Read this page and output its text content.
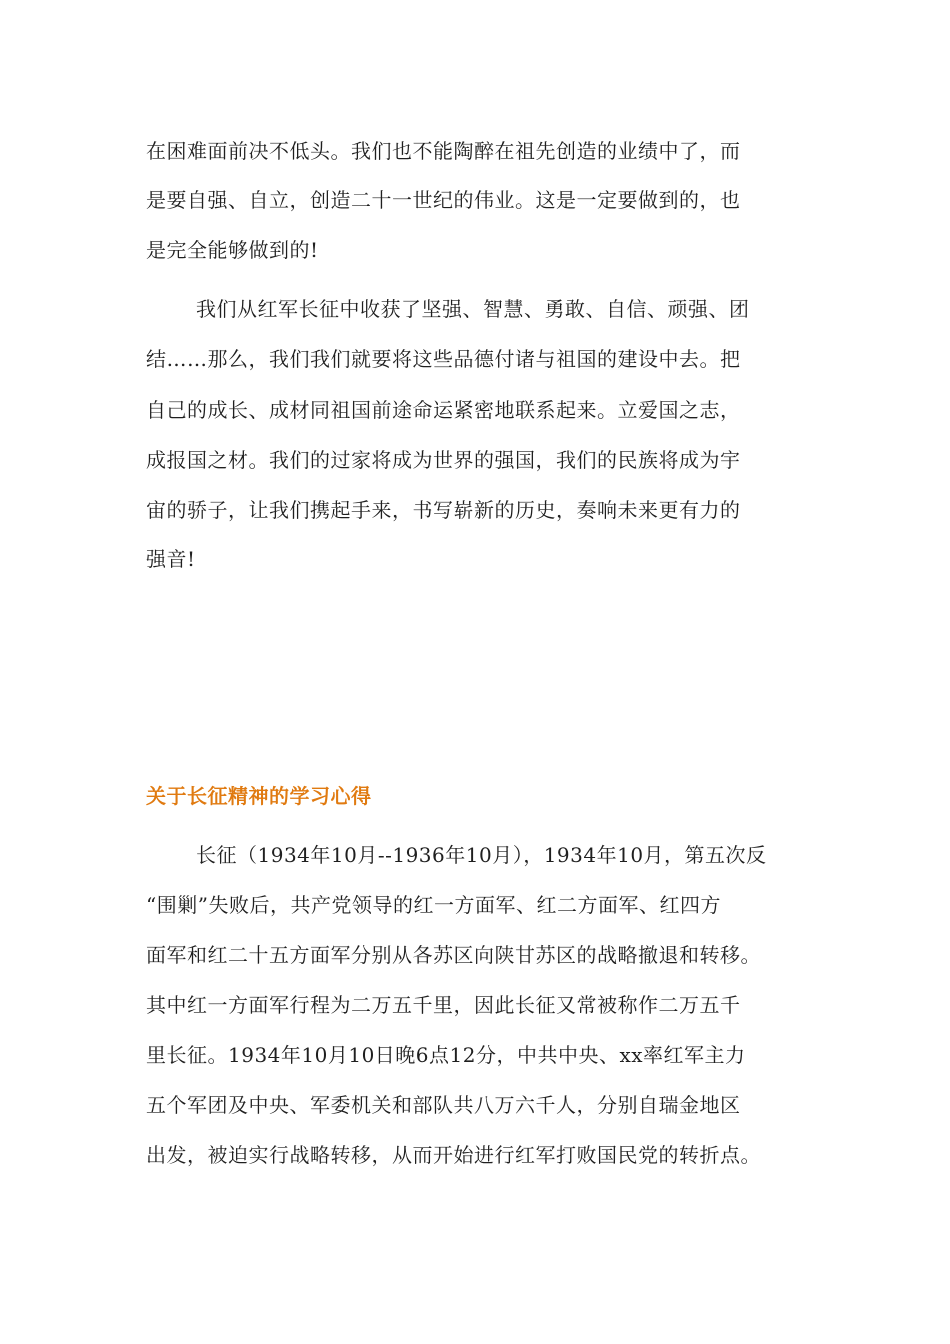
在困难面前决不低头。我们也不能陶醉在祖先创造的业绩中了，而
是要自强、自立，创造二十一世纪的伟业。这是一定要做到的，也
是完全能够做到的!
我们从红军长征中收获了坚强、智慧、勇敢、自信、顽强、团
结……那么，我们我们就要将这些品德付诸与祖国的建设中去。把
自己的成长、成材同祖国前途命运紧密地联系起来。立爱国之志，
成报国之材。我们的过家将成为世界的强国，我们的民族将成为宇
宙的骄子，让我们携起手来，书写崭新的历史，奏响未来更有力的
强音!
关于长征精神的学习心得
长征（1934年10月--1936年10月），1934年10月，第五次反
“围剿”失败后，共产党领导的红一方面军、红二方面军、红四方
面军和红二十五方面军分别从各苏区向陕甘苏区的战略撤退和转移。
其中红一方面军行程为二万五千里，因此长征又常被称作二万五千
里长征。1934年10月10日晚6点12分，中共中央、xx率红军主力
五个军团及中央、军委机关和部队共八万六千人，分别自瑞金地区
出发，被迫实行战略转移，从而开始进行红军打败国民党的转折点。
